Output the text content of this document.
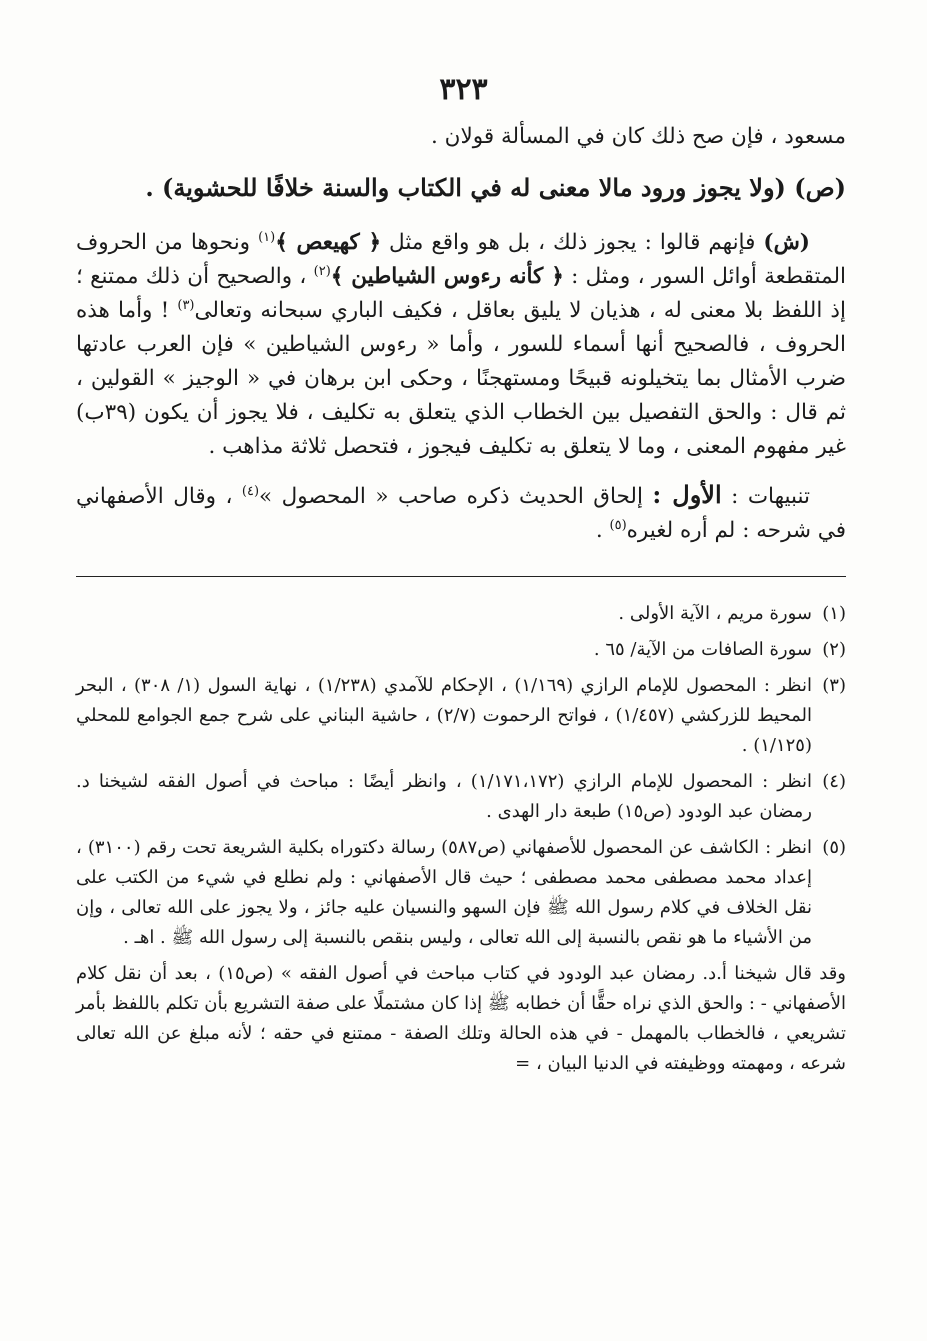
٣٢٣

مسعود ، فإن صح ذلك كان في المسألة قولان .

(ص) (ولا يجوز ورود مالا معنى له في الكتاب والسنة خلافًا للحشوية) .

(ش) فإنهم قالوا : يجوز ذلك ، بل هو واقع مثل ﴿ كهيعص ﴾$^{(١)}$ ونحوها من الحروف المتقطعة أوائل السور ، ومثل : ﴿ كأنه رءوس الشياطين ﴾$^{(٢)}$ ، والصحيح أن ذلك ممتنع ؛ إذ اللفظ بلا معنى له ، هذيان لا يليق بعاقل ، فكيف الباري سبحانه وتعالى$^{(٣)}$ ! وأما هذه الحروف ، فالصحيح أنها أسماء للسور ، وأما « رءوس الشياطين » فإن العرب عادتها ضرب الأمثال بما يتخيلونه قبيحًا ومستهجنًا ، وحكى ابن برهان في « الوجيز » القولين ، ثم قال : والحق التفصيل بين الخطاب الذي يتعلق به تكليف ، فلا يجوز أن يكون (٣٩ب) غير مفهوم المعنى ، وما لا يتعلق به تكليف فيجوز ، فتحصل ثلاثة مذاهب .

تنبيهات : الأول : إلحاق الحديث ذكره صاحب « المحصول »$^{(٤)}$ ، وقال الأصفهاني في شرحه : لم أره لغيره$^{(٥)}$ .

(١)سورة مريم ، الآية الأولى .

(٢)سورة الصافات من الآية/ ٦٥ .

(٣)انظر : المحصول للإمام الرازي (١/١٦٩) ، الإحكام للآمدي (١/٢٣٨) ، نهاية السول (١/ ٣٠٨) ، البحر المحيط للزركشي (١/٤٥٧) ، فواتح الرحموت (٢/٧) ، حاشية البناني على شرح جمع الجوامع للمحلي (١/١٢٥) .

(٤)انظر : المحصول للإمام الرازي (١/١٧١،١٧٢) ، وانظر أيضًا : مباحث في أصول الفقه لشيخنا د. رمضان عبد الودود (ص١٥) طبعة دار الهدى .

(٥)انظر : الكاشف عن المحصول للأصفهاني (ص٥٨٧) رسالة دكتوراه بكلية الشريعة تحت رقم (٣١٠٠) ، إعداد محمد مصطفى محمد مصطفى ؛ حيث قال الأصفهاني : ولم نطلع في شيء من الكتب على نقل الخلاف في كلام رسول الله ﷺ فإن السهو والنسيان عليه جائز ، ولا يجوز على الله تعالى ، وإن من الأشياء ما هو نقص بالنسبة إلى الله تعالى ، وليس بنقص بالنسبة إلى رسول الله ﷺ . اهـ .

وقد قال شيخنا أ.د. رمضان عبد الودود في كتاب مباحث في أصول الفقه » (ص١٥) ، بعد أن نقل كلام الأصفهاني - : والحق الذي نراه حقًّا أن خطابه ﷺ إذا كان مشتملًا على صفة التشريع بأن تكلم باللفظ بأمر تشريعي ، فالخطاب بالمهمل - في هذه الحالة وتلك الصفة - ممتنع في حقه ؛ لأنه مبلغ عن الله تعالى شرعه ، ومهمته ووظيفته في الدنيا البيان ، =
